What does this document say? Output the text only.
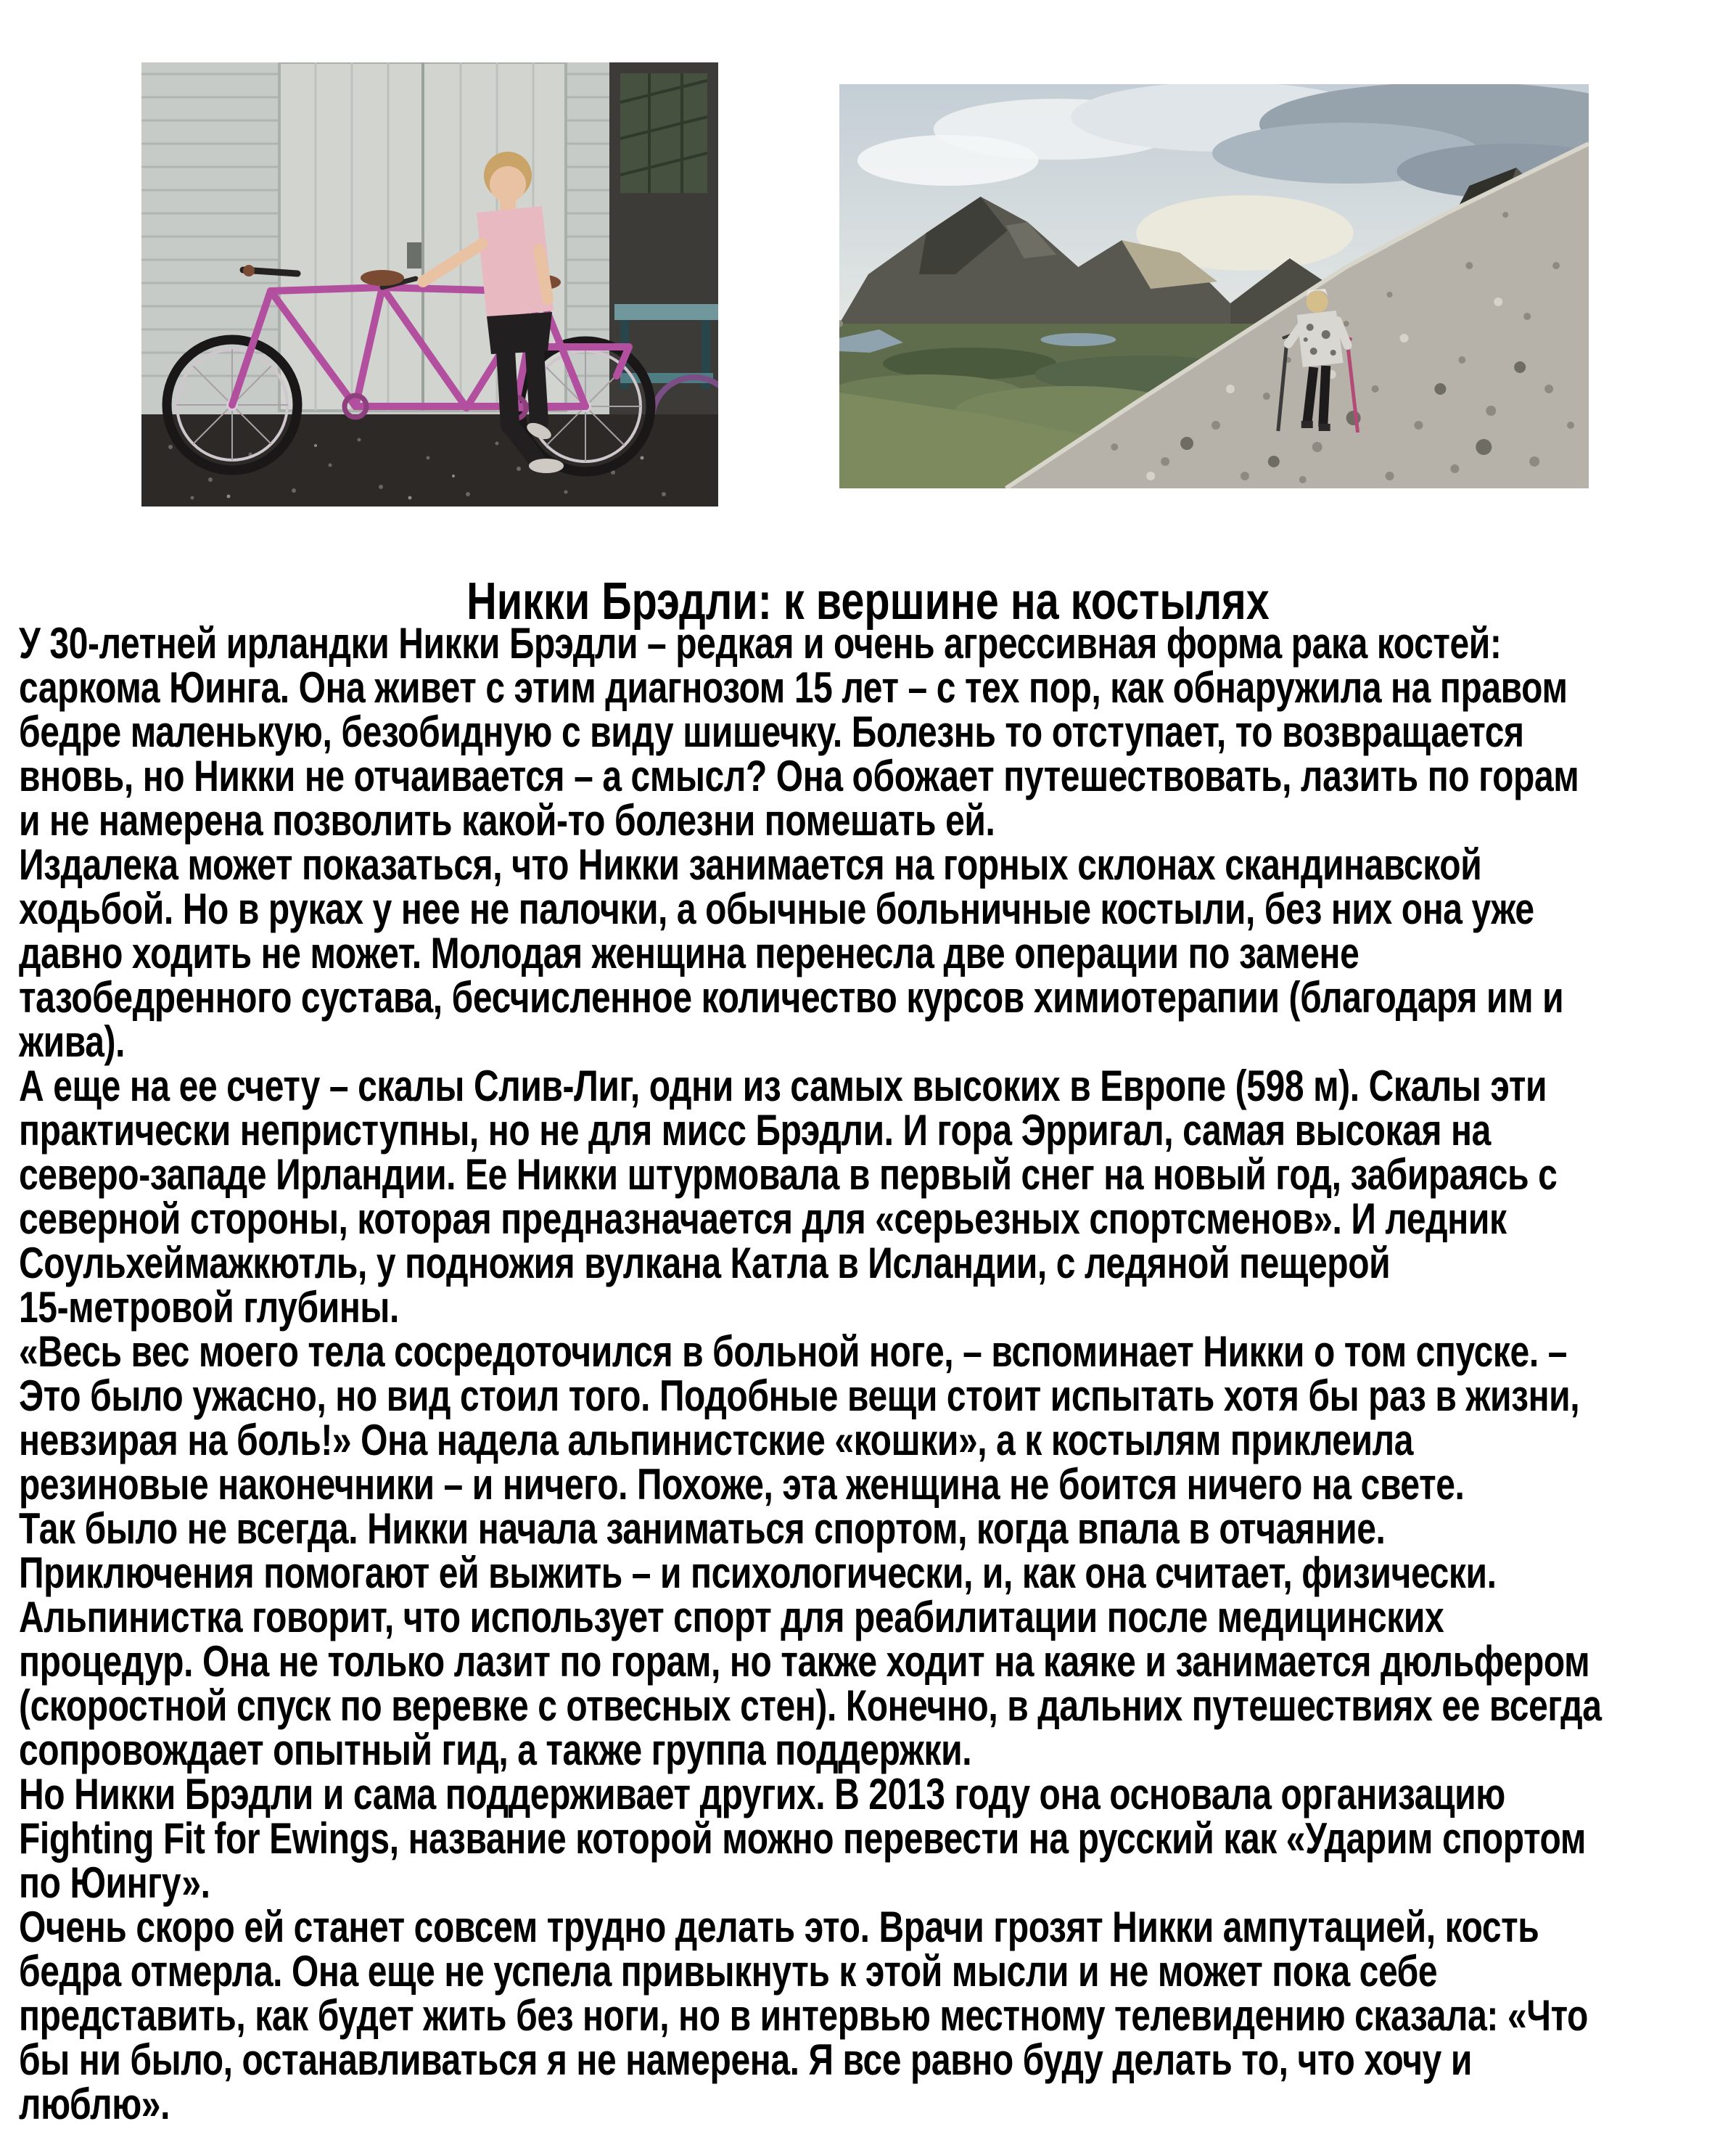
Никки Брэдли: к вершине на костылях
У 30-летней ирландки Никки Брэдли – редкая и очень агрессивная форма рака костей:
саркома Юинга. Она живет с этим диагнозом 15 лет – с тех пор, как обнаружила на правом
бедре маленькую, безобидную с виду шишечку. Болезнь то отступает, то возвращается
вновь, но Никки не отчаивается – а смысл? Она обожает путешествовать, лазить по горам
и не намерена позволить какой-то болезни помешать ей.
Издалека может показаться, что Никки занимается на горных склонах скандинавской
ходьбой. Но в руках у нее не палочки, а обычные больничные костыли, без них она уже
давно ходить не может. Молодая женщина перенесла две операции по замене
тазобедренного сустава, бесчисленное количество курсов химиотерапии (благодаря им и
жива).
А еще на ее счету – скалы Слив-Лиг, одни из самых высоких в Европе (598 м). Скалы эти
практически неприступны, но не для мисс Брэдли. И гора Эрригал, самая высокая на
северо-западе Ирландии. Ее Никки штурмовала в первый снег на новый год, забираясь с
северной стороны, которая предназначается для «серьезных спортсменов». И ледник
Соульхеймажкютль, у подножия вулкана Катла в Исландии, с ледяной пещерой
15-метровой глубины.
«Весь вес моего тела сосредоточился в больной ноге, – вспоминает Никки о том спуске. –
Это было ужасно, но вид стоил того. Подобные вещи стоит испытать хотя бы раз в жизни,
невзирая на боль!» Она надела альпинистские «кошки», а к костылям приклеила
резиновые наконечники – и ничего. Похоже, эта женщина не боится ничего на свете.
Так было не всегда. Никки начала заниматься спортом, когда впала в отчаяние.
Приключения помогают ей выжить – и психологически, и, как она считает, физически.
Альпинистка говорит, что использует спорт для реабилитации после медицинских
процедур. Она не только лазит по горам, но также ходит на каяке и занимается дюльфером
(скоростной спуск по веревке с отвесных стен). Конечно, в дальних путешествиях ее всегда
сопровождает опытный гид, а также группа поддержки.
Но Никки Брэдли и сама поддерживает других. В 2013 году она основала организацию
Fighting Fit for Ewings, название которой можно перевести на русский как «Ударим спортом
по Юингу».
Очень скоро ей станет совсем трудно делать это. Врачи грозят Никки ампутацией, кость
бедра отмерла. Она еще не успела привыкнуть к этой мысли и не может пока себе
представить, как будет жить без ноги, но в интервью местному телевидению сказала: «Что
бы ни было, останавливаться я не намерена. Я все равно буду делать то, что хочу и
люблю».
